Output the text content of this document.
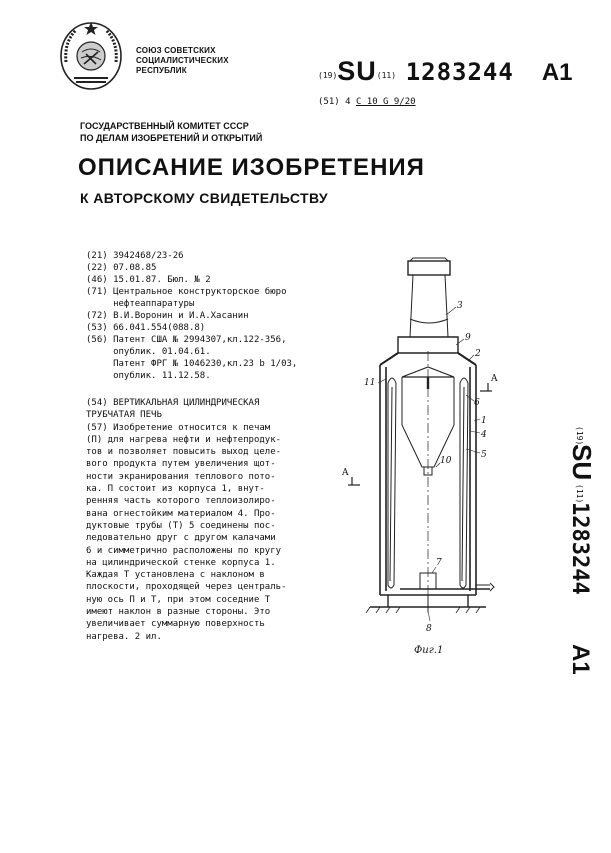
СОЮЗ СОВЕТСКИХ
СОЦИАЛИСТИЧЕСКИХ
РЕСПУБЛИК
(19)SU(11) 1283244 A1
(51) 4 С 10 G 9/20
ГОСУДАРСТВЕННЫЙ КОМИТЕТ СССР
ПО ДЕЛАМ ИЗОБРЕТЕНИЙ И ОТКРЫТИЙ
ОПИСАНИЕ ИЗОБРЕТЕНИЯ
К АВТОРСКОМУ СВИДЕТЕЛЬСТВУ
(21) 3942468/23-26
(22) 07.08.85
(46) 15.01.87. Бюл. № 2
(71) Центральное конструкторское бюро
нефтеаппаратуры
(72) В.И.Воронин и И.А.Хасанин
(53) 66.041.554(088.8)
(56) Патент США № 2994307,кл.122-356,
опублик. 01.04.61.
Патент ФРГ № 1046230,кл.23 b 1/03,
опублик. 11.12.58.
(54) ВЕРТИКАЛЬНАЯ ЦИЛИНДРИЧЕСКАЯ
ТРУБЧАТАЯ ПЕЧЬ
(57) Изобретение относится к печам
(П) для нагрева нефти и нефтепродук-
тов и позволяет повысить выход целе-
вого продукта путем увеличения щoт-
ности экранирования теплового пото-
ка. П состоит из корпуса 1, внут-
ренняя часть которого теплоизолиро-
вана огнестойким материалом 4. Про-
дуктовые трубы (Т) 5 соединены пос-
ледовательно друг с другом калачами
6 и симметрично расположены по кругу
на цилиндрической стенке корпуса 1.
Каждая Т установлена с наклоном в
плоскости, проходящей через централь-
ную ось П и Т, при этом соседние Т
имеют наклон в разные стороны. Это
увеличивает суммарную поверхность
нагрева. 2 ил.
(19)
SU
(11)
1283244
A1
3
9
2
A
11
6
1
4
5
A
10
7
8
Фиг.1
